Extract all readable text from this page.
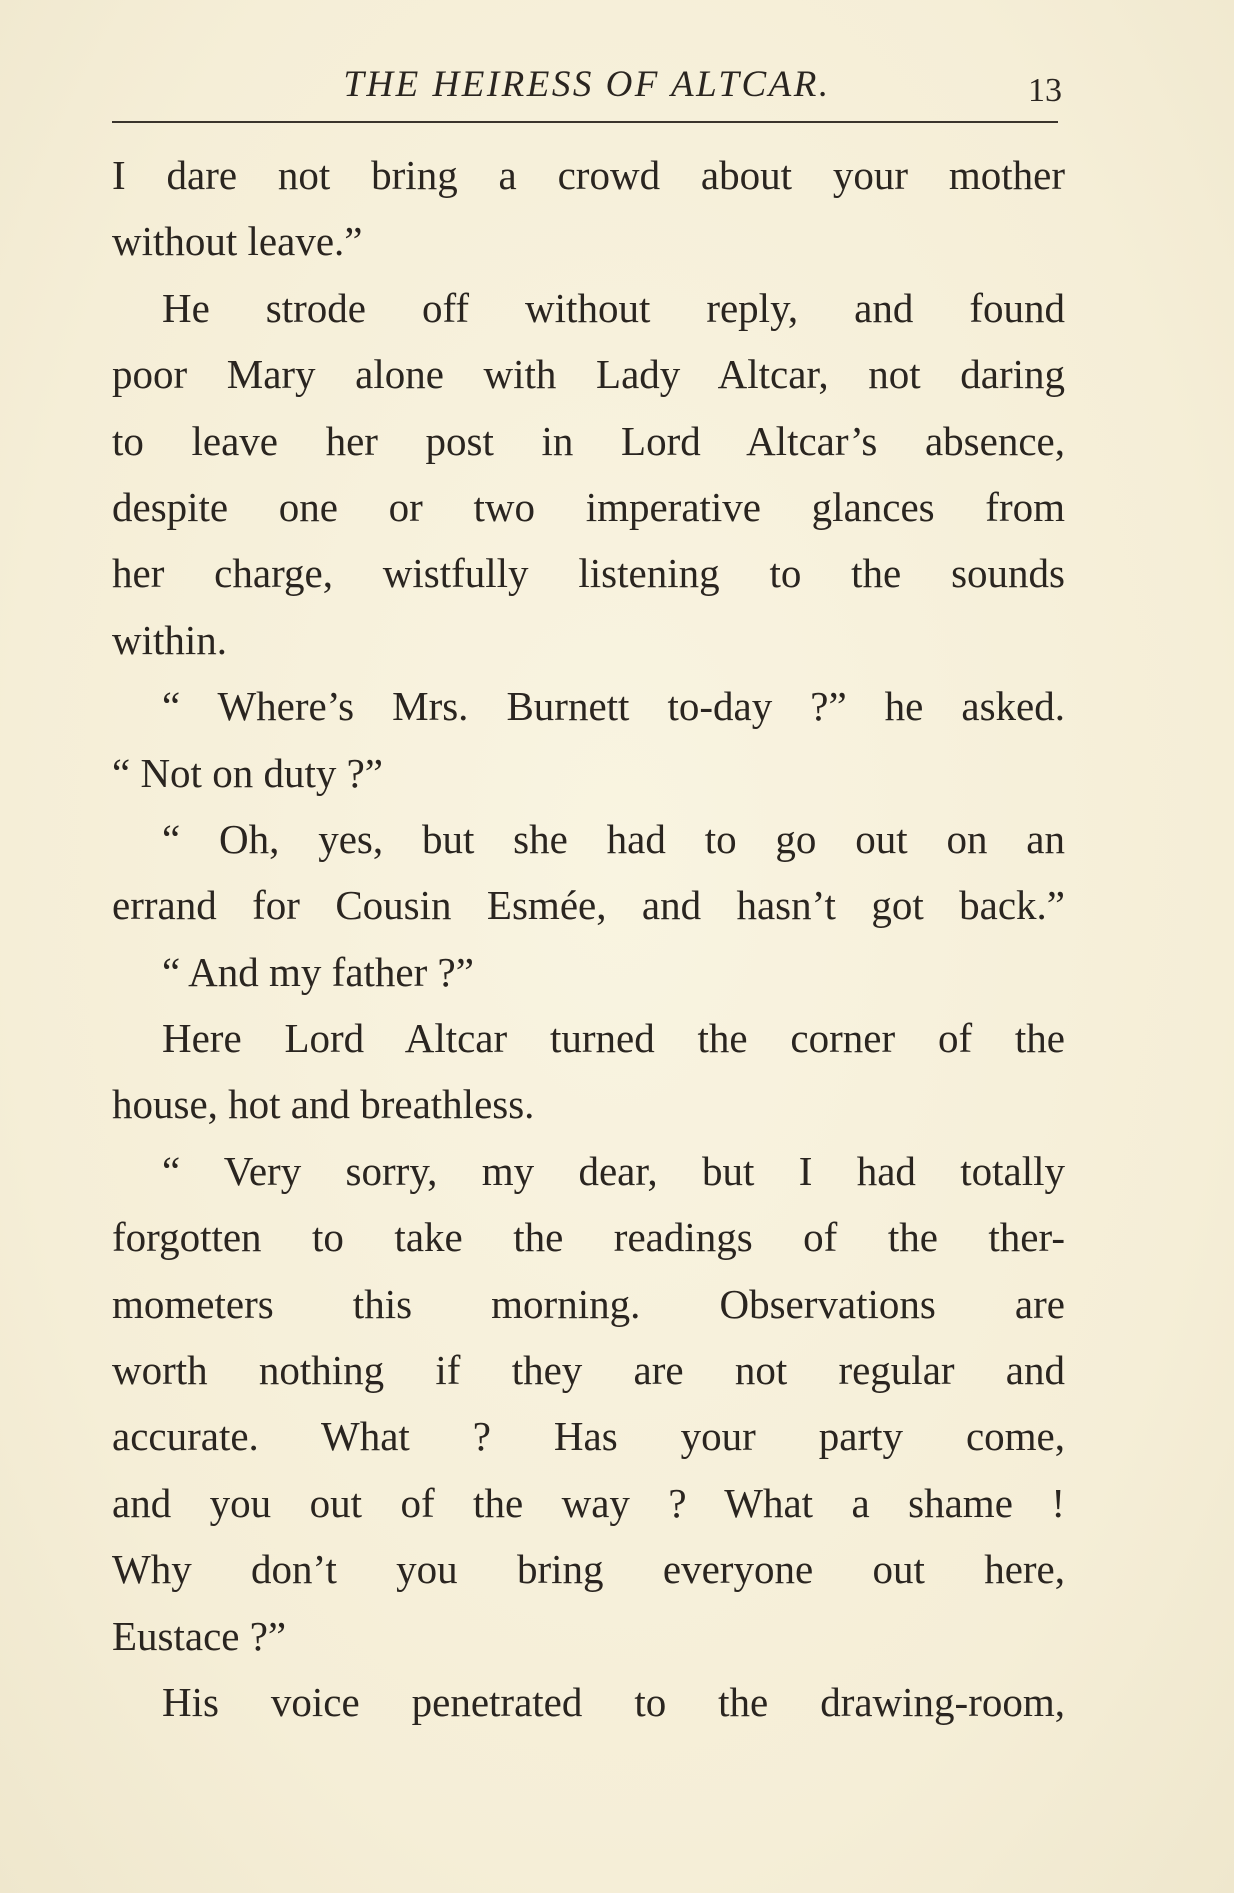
THE HEIRESS OF ALTCAR.	13
I dare not bring a crowd about your mother
without leave.”
He strode off without reply, and found
poor Mary alone with Lady Altcar, not daring
to leave her post in Lord Altcar’s absence,
despite one or two imperative glances from
her charge, wistfully listening to the sounds
within.
“ Where’s Mrs. Burnett to-day ?” he asked.
“ Not on duty ?”
“ Oh, yes, but she had to go out on an
errand for Cousin Esmée, and hasn’t got back.”
“ And my father ?”
Here Lord Altcar turned the corner of the
house, hot and breathless.
“ Very sorry, my dear, but I had totally
forgotten to take the readings of the ther-
mometers this morning. Observations are
worth nothing if they are not regular and
accurate. What ? Has your party come,
and you out of the way ? What a shame !
Why don’t you bring everyone out here,
Eustace ?”
His voice penetrated to the drawing-room,
